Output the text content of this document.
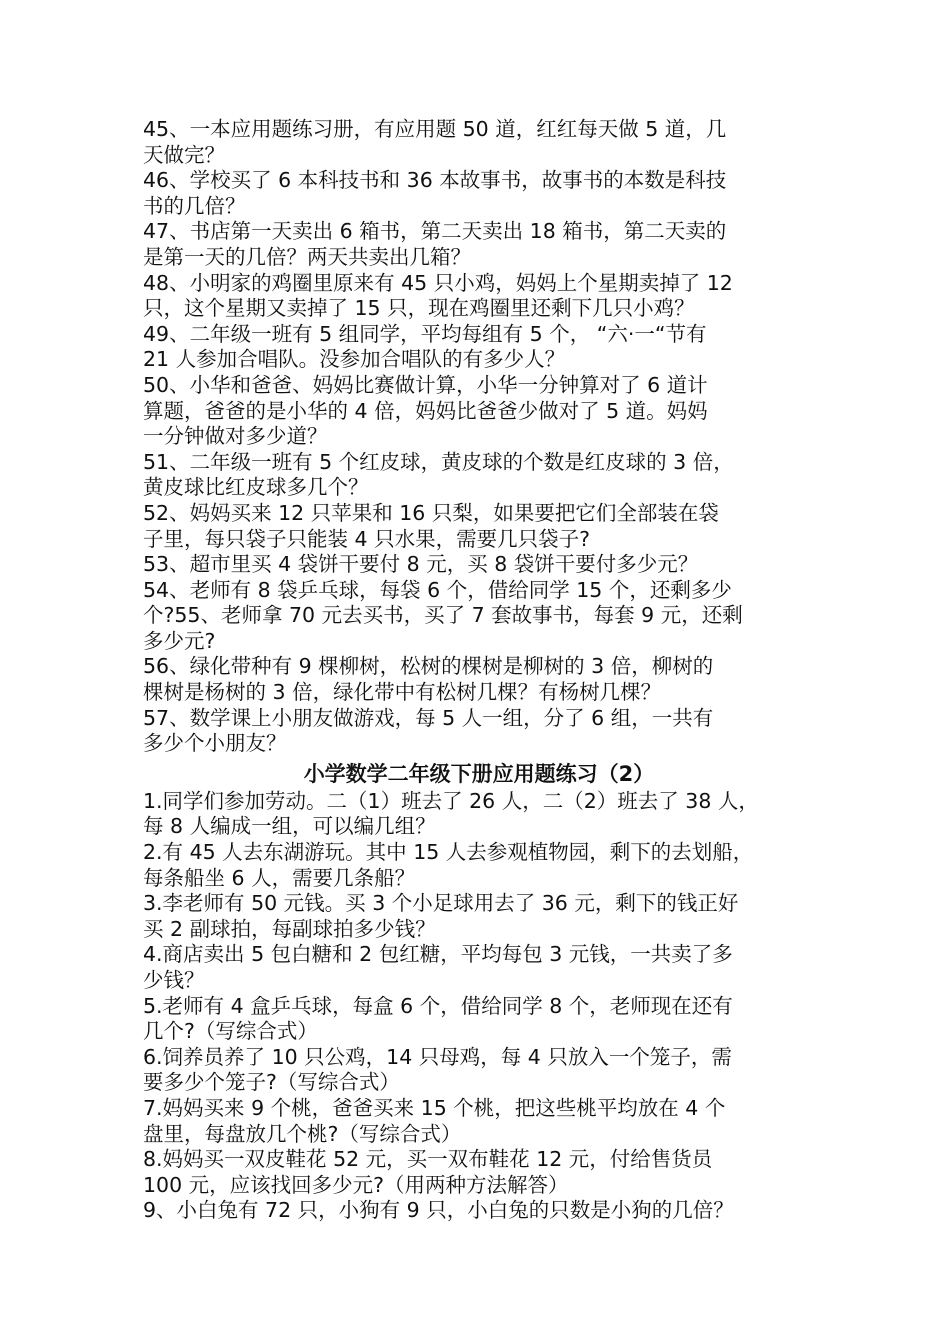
45、一本应用题练习册，有应用题 50 道，红红每天做 5 道，几
天做完？
46、学校买了 6 本科技书和 36 本故事书，故事书的本数是科技
书的几倍？
47、书店第一天卖出 6 箱书，第二天卖出 18 箱书，第二天卖的
是第一天的几倍？两天共卖出几箱？
48、小明家的鸡圈里原来有 45 只小鸡，妈妈上个星期卖掉了 12
只，这个星期又卖掉了 15 只，现在鸡圈里还剩下几只小鸡？
49、二年级一班有 5 组同学，平均每组有 5 个， “六·一“节有
21 人参加合唱队。没参加合唱队的有多少人？
50、小华和爸爸、妈妈比赛做计算，小华一分钟算对了 6 道计
算题，爸爸的是小华的 4 倍，妈妈比爸爸少做对了 5 道。妈妈
一分钟做对多少道？
51、二年级一班有 5 个红皮球，黄皮球的个数是红皮球的 3 倍，
黄皮球比红皮球多几个？
52、妈妈买来 12 只苹果和 16 只梨，如果要把它们全部装在袋
子里，每只袋子只能装 4 只水果，需要几只袋子?
53、超市里买 4 袋饼干要付 8 元，买 8 袋饼干要付多少元？
54、老师有 8 袋乒乓球，每袋 6 个，借给同学 15 个，还剩多少
个?55、老师拿 70 元去买书，买了 7 套故事书，每套 9 元，还剩
多少元?
56、绿化带种有 9 棵柳树，松树的棵树是柳树的 3 倍，柳树的
棵树是杨树的 3 倍，绿化带中有松树几棵？有杨树几棵？
57、数学课上小朋友做游戏，每 5 人一组，分了 6 组，一共有
多少个小朋友？
小学数学二年级下册应用题练习（2）
1.同学们参加劳动。二（1）班去了 26 人，二（2）班去了 38 人，
每 8 人编成一组，可以编几组？
2.有 45 人去东湖游玩。其中 15 人去参观植物园，剩下的去划船，
每条船坐 6 人，需要几条船？
3.李老师有 50 元钱。买 3 个小足球用去了 36 元，剩下的钱正好
买 2 副球拍，每副球拍多少钱？
4.商店卖出 5 包白糖和 2 包红糖，平均每包 3 元钱，一共卖了多
少钱？
5.老师有 4 盒乒乓球，每盒 6 个，借给同学 8 个，老师现在还有
几个?（写综合式）
6.饲养员养了 10 只公鸡，14 只母鸡，每 4 只放入一个笼子，需
要多少个笼子?（写综合式）
7.妈妈买来 9 个桃，爸爸买来 15 个桃，把这些桃平均放在 4 个
盘里，每盘放几个桃?（写综合式）
8.妈妈买一双皮鞋花 52 元，买一双布鞋花 12 元，付给售货员
100 元，应该找回多少元?（用两种方法解答）
9、小白兔有 72 只，小狗有 9 只，小白兔的只数是小狗的几倍？
